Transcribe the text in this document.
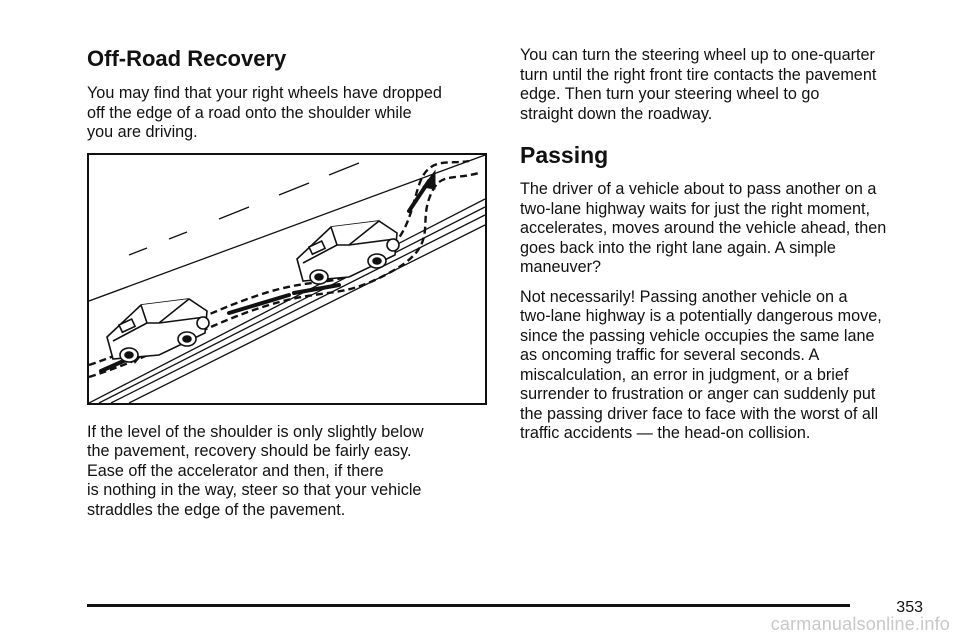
Off-Road Recovery

You may find that your right wheels have dropped
off the edge of a road onto the shoulder while
you are driving.

If the level of the shoulder is only slightly below
the pavement, recovery should be fairly easy.
Ease off the accelerator and then, if there
is nothing in the way, steer so that your vehicle
straddles the edge of the pavement.

You can turn the steering wheel up to one-quarter
turn until the right front tire contacts the pavement
edge. Then turn your steering wheel to go
straight down the roadway.

Passing

The driver of a vehicle about to pass another on a
two-lane highway waits for just the right moment,
accelerates, moves around the vehicle ahead, then
goes back into the right lane again. A simple
maneuver?

Not necessarily! Passing another vehicle on a
two-lane highway is a potentially dangerous move,
since the passing vehicle occupies the same lane
as oncoming traffic for several seconds. A
miscalculation, an error in judgment, or a brief
surrender to frustration or anger can suddenly put
the passing driver face to face with the worst of all
traffic accidents — the head-on collision.

353
carmanualsonline.info
